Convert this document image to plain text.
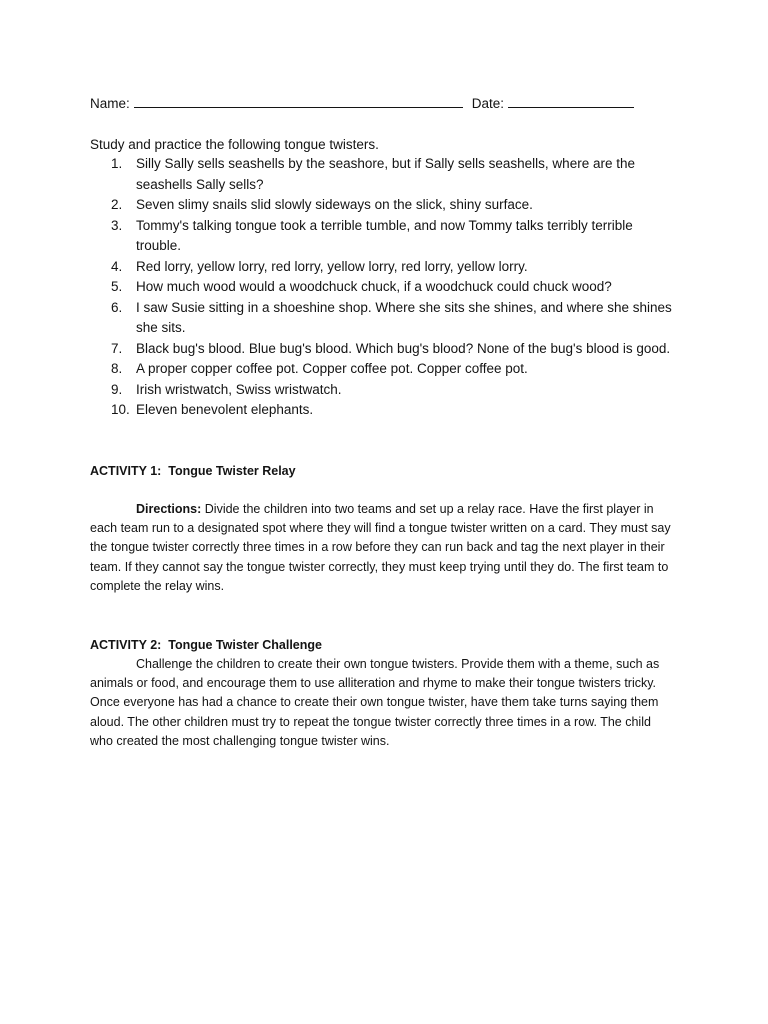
Name:	Date:
Study and practice the following tongue twisters.
1. Silly Sally sells seashells by the seashore, but if Sally sells seashells, where are the seashells Sally sells?
2. Seven slimy snails slid slowly sideways on the slick, shiny surface.
3. Tommy's talking tongue took a terrible tumble, and now Tommy talks terribly terrible trouble.
4. Red lorry, yellow lorry, red lorry, yellow lorry, red lorry, yellow lorry.
5. How much wood would a woodchuck chuck, if a woodchuck could chuck wood?
6. I saw Susie sitting in a shoeshine shop. Where she sits she shines, and where she shines she sits.
7. Black bug's blood. Blue bug's blood. Which bug's blood? None of the bug's blood is good.
8. A proper copper coffee pot. Copper coffee pot. Copper coffee pot.
9. Irish wristwatch, Swiss wristwatch.
10. Eleven benevolent elephants.
ACTIVITY 1:  Tongue Twister Relay
Directions: Divide the children into two teams and set up a relay race. Have the first player in each team run to a designated spot where they will find a tongue twister written on a card. They must say the tongue twister correctly three times in a row before they can run back and tag the next player in their team. If they cannot say the tongue twister correctly, they must keep trying until they do. The first team to complete the relay wins.
ACTIVITY 2:  Tongue Twister Challenge
Challenge the children to create their own tongue twisters. Provide them with a theme, such as animals or food, and encourage them to use alliteration and rhyme to make their tongue twisters tricky. Once everyone has had a chance to create their own tongue twister, have them take turns saying them aloud. The other children must try to repeat the tongue twister correctly three times in a row. The child who created the most challenging tongue twister wins.
